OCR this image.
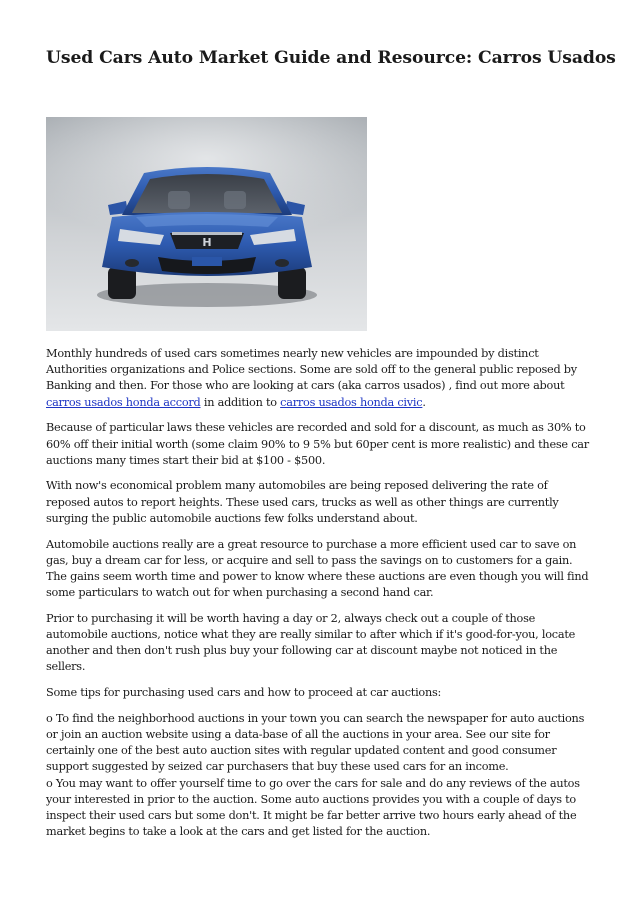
Used Cars Auto Market Guide and Resource: Carros Usados
H

Monthly hundreds of used cars sometimes nearly new vehicles are impounded by distinct Authorities organizations and Police sections. Some are sold off to the general public reposed by Banking and then. For those who are looking at cars (aka carros usados) , find out more about carros usados honda accord in addition to carros usados honda civic.

Because of particular laws these vehicles are recorded and sold for a discount, as much as 30% to 60% off their initial worth (some claim 90% to 9 5% but 60per cent is more realistic) and these car auctions many times start their bid at $100 - $500.

With now's economical problem many automobiles are being reposed delivering the rate of reposed autos to report heights. These used cars, trucks as well as other things are currently surging the public automobile auctions few folks understand about.

Automobile auctions really are a great resource to purchase a more efficient used car to save on gas, buy a dream car for less, or acquire and sell to pass the savings on to customers for a gain. The gains seem worth time and power to know where these auctions are even though you will find some particulars to watch out for when purchasing a second hand car.

Prior to purchasing it will be worth having a day or 2, always check out a couple of those automobile auctions, notice what they are really similar to after which if it's good-for-you, locate another and then don't rush plus buy your following car at discount maybe not noticed in the sellers.

Some tips for purchasing used cars and how to proceed at car auctions:

o To find the neighborhood auctions in your town you can search the newspaper for auto auctions or join an auction website using a data-base of all the auctions in your area. See our site for certainly one of the best auto auction sites with regular updated content and good consumer support suggested by seized car purchasers that buy these used cars for an income.

o You may want to offer yourself time to go over the cars for sale and do any reviews of the autos your interested in prior to the auction. Some auto auctions provides you with a couple of days to inspect their used cars but some don't. It might be far better arrive two hours early ahead of the market begins to take a look at the cars and get listed for the auction.
